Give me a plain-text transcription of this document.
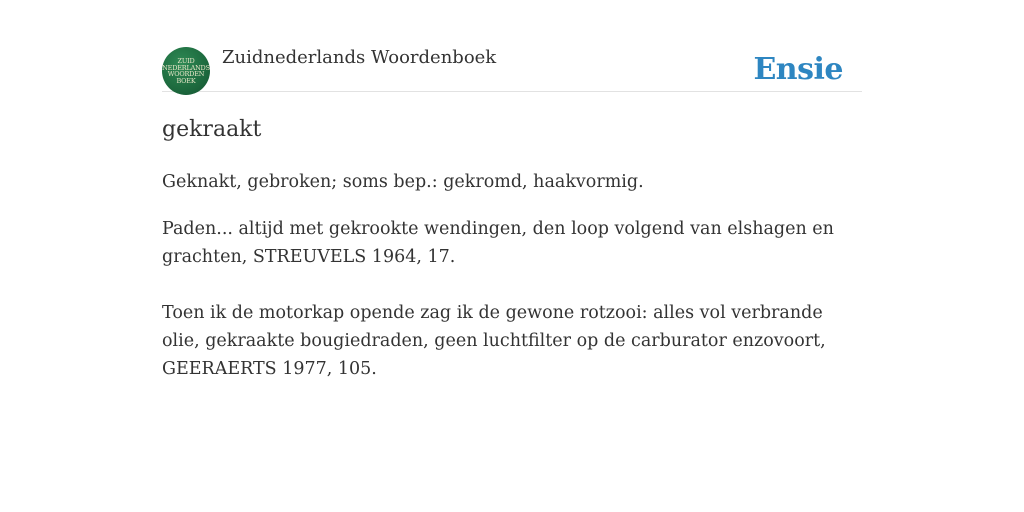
ZUID
NEDERLANDS
WOORDEN
BOEK
Zuidnederlands Woordenboek	Ensie
gekraakt

Geknakt, gebroken; soms bep.: gekromd, haakvormig.

Paden... altijd met gekrookte wendingen, den loop volgend van elshagen en grachten, STREUVELS 1964, 17.

Toen ik de motorkap opende zag ik de gewone rotzooi: alles vol verbrande olie, gekraakte bougiedraden, geen luchtfilter op de carburator enzovoort, GEERAERTS 1977, 105.
